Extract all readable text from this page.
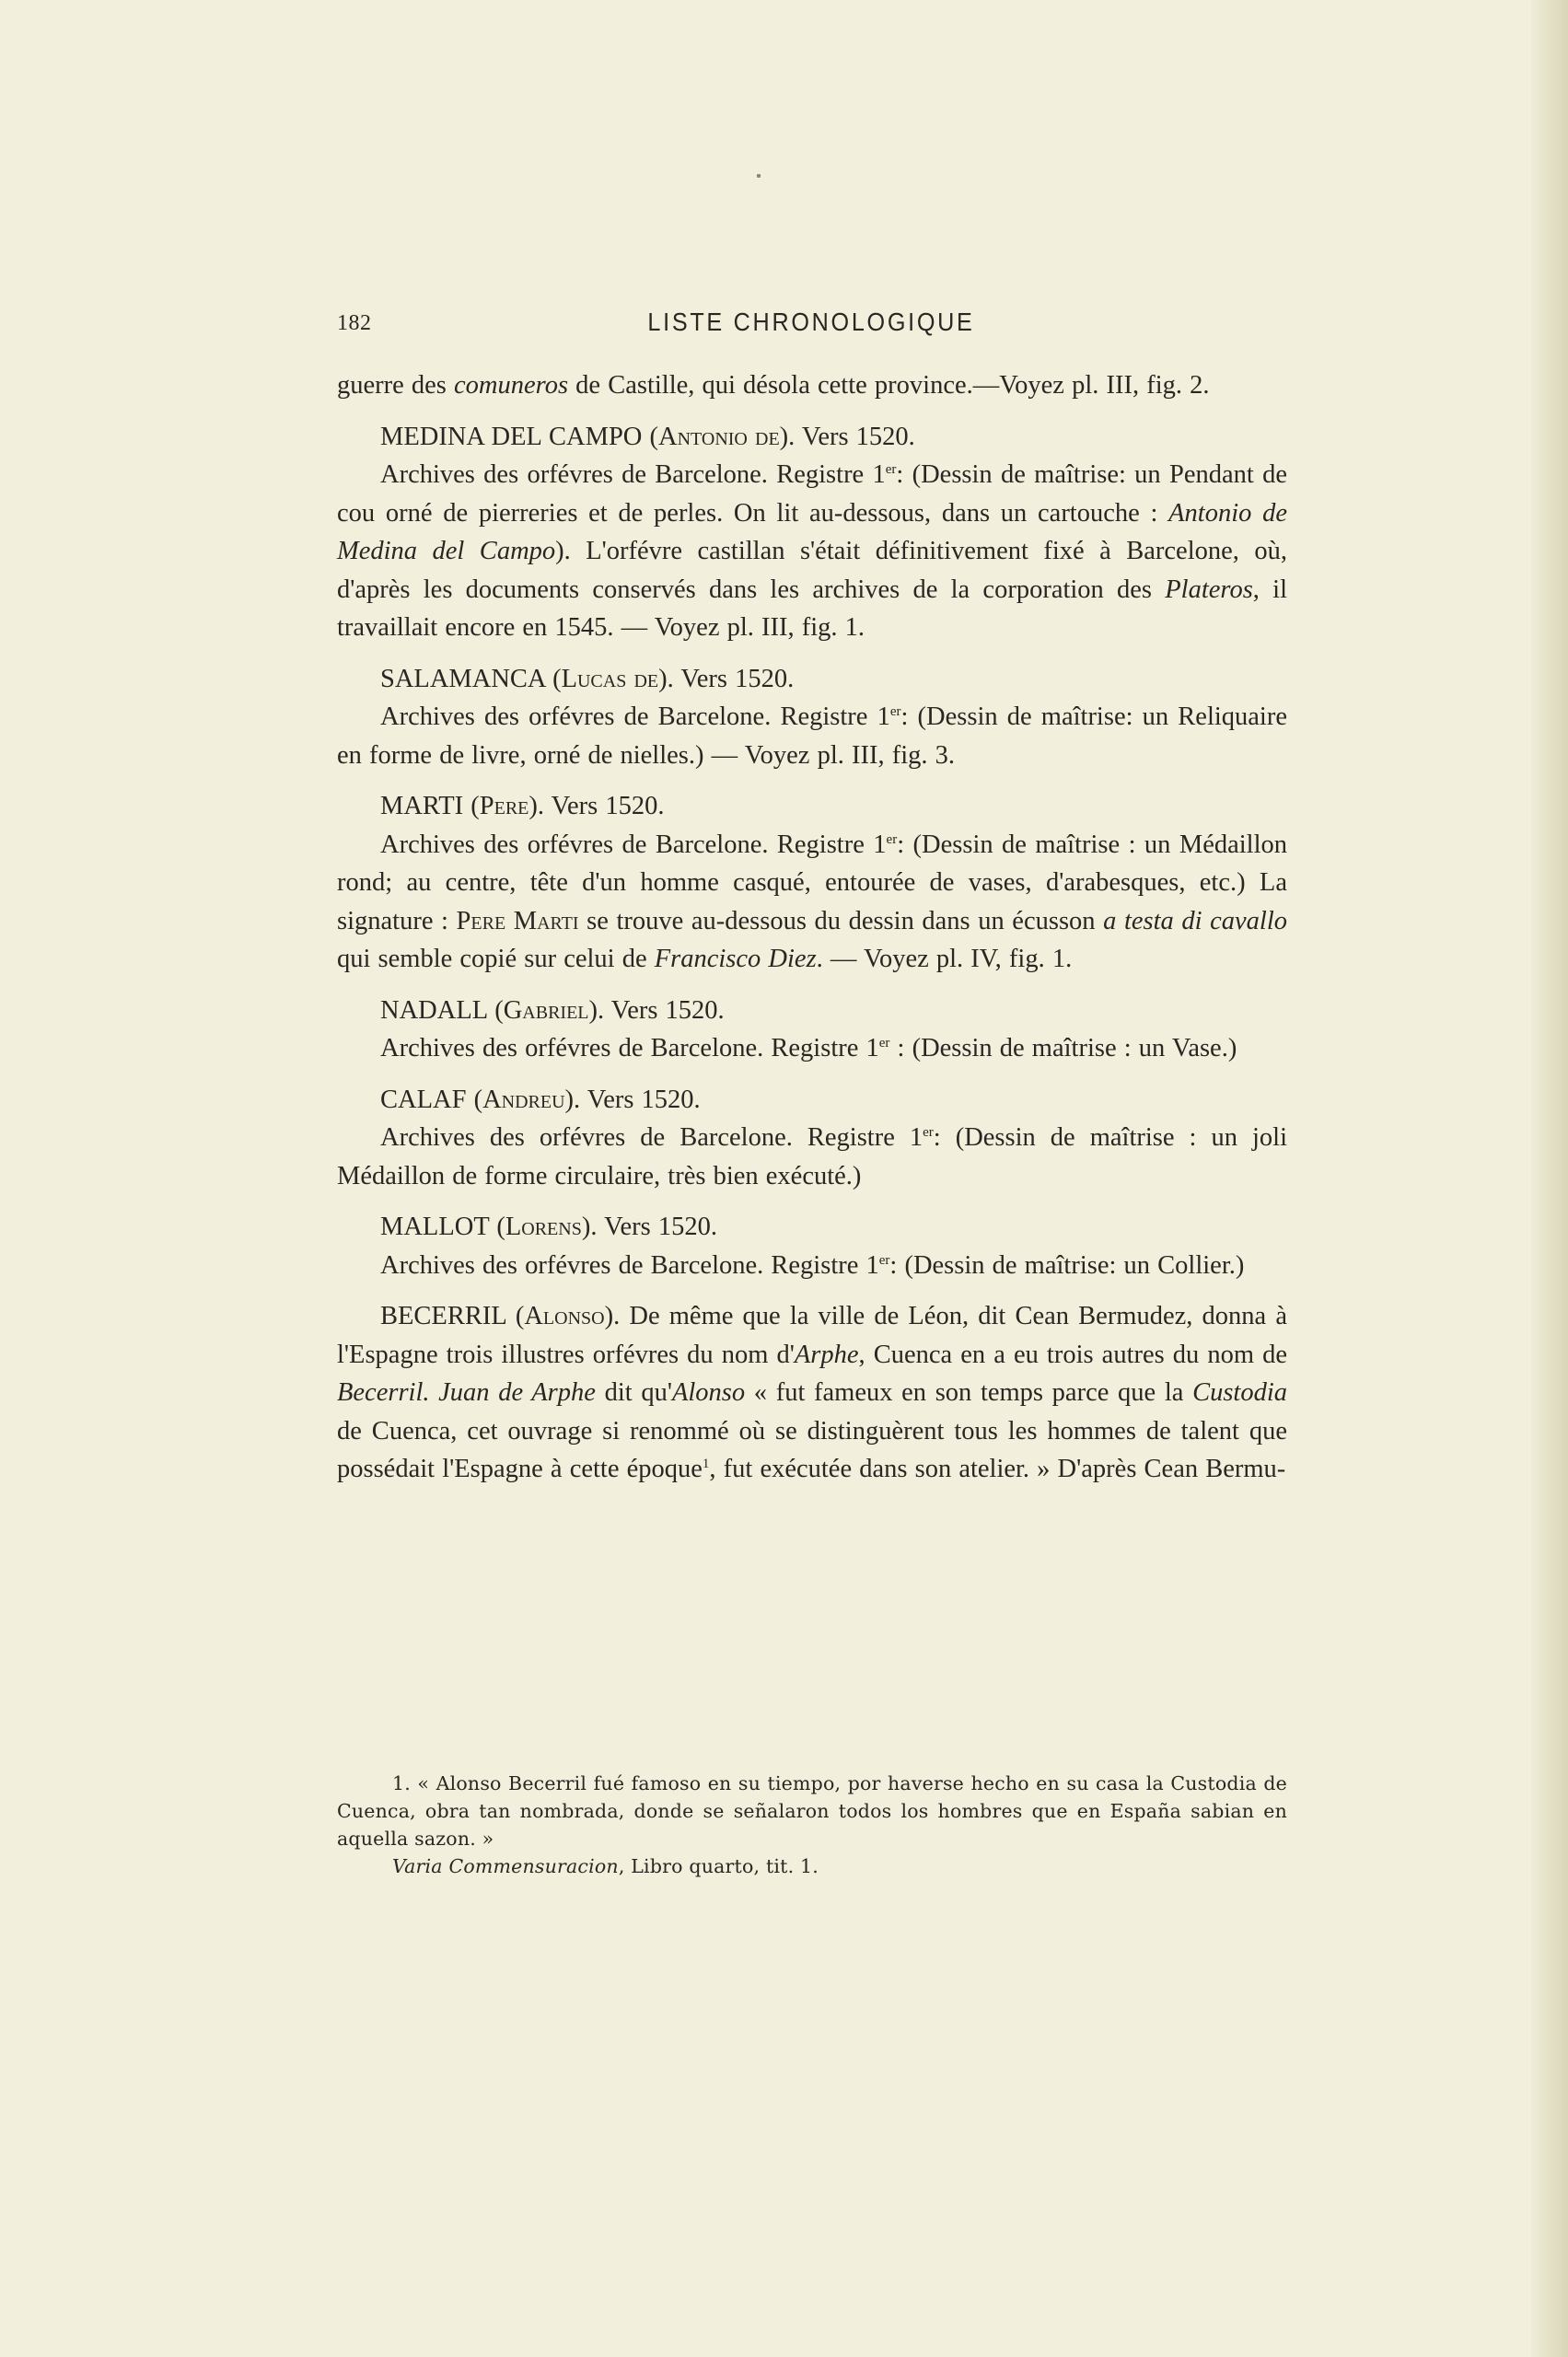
182	LISTE CHRONOLOGIQUE

guerre des comuneros de Castille, qui désola cette province.—Voyez pl. III, fig. 2.

MEDINA DEL CAMPO (Antonio de). Vers 1520.

Archives des orfévres de Barcelone. Registre 1er: (Dessin de maîtrise: un Pendant de cou orné de pierreries et de perles. On lit au-dessous, dans un cartouche : Antonio de Medina del Campo). L'orfévre castillan s'était définitivement fixé à Barcelone, où, d'après les documents conservés dans les archives de la corporation des Plateros, il travaillait encore en 1545. — Voyez pl. III, fig. 1.

SALAMANCA (Lucas de). Vers 1520.

Archives des orfévres de Barcelone. Registre 1er: (Dessin de maîtrise: un Reliquaire en forme de livre, orné de nielles.) — Voyez pl. III, fig. 3.

MARTI (Pere). Vers 1520.

Archives des orfévres de Barcelone. Registre 1er: (Dessin de maîtrise : un Médaillon rond; au centre, tête d'un homme casqué, entourée de vases, d'arabesques, etc.) La signature : Pere Marti se trouve au-dessous du dessin dans un écusson a testa di cavallo qui semble copié sur celui de Francisco Diez. — Voyez pl. IV, fig. 1.

NADALL (Gabriel). Vers 1520.

Archives des orfévres de Barcelone. Registre 1er : (Dessin de maîtrise : un Vase.)

CALAF (Andreu). Vers 1520.

Archives des orfévres de Barcelone. Registre 1er: (Dessin de maîtrise : un joli Médaillon de forme circulaire, très bien exécuté.)

MALLOT (Lorens). Vers 1520.

Archives des orfévres de Barcelone. Registre 1er: (Dessin de maîtrise: un Collier.)

BECERRIL (Alonso). De même que la ville de Léon, dit Cean Bermudez, donna à l'Espagne trois illustres orfévres du nom d'Arphe, Cuenca en a eu trois autres du nom de Becerril. Juan de Arphe dit qu'Alonso « fut fameux en son temps parce que la Custodia de Cuenca, cet ouvrage si renommé où se distinguèrent tous les hommes de talent que possédait l'Espagne à cette époque$^1$, fut exécutée dans son atelier. » D'après Cean Bermu-

1. « Alonso Becerril fué famoso en su tiempo, por haverse hecho en su casa la Custodia de Cuenca, obra tan nombrada, donde se señalaron todos los hombres que en España sabian en aquella sazon. »

Varia Commensuracion, Libro quarto, tit. 1.
